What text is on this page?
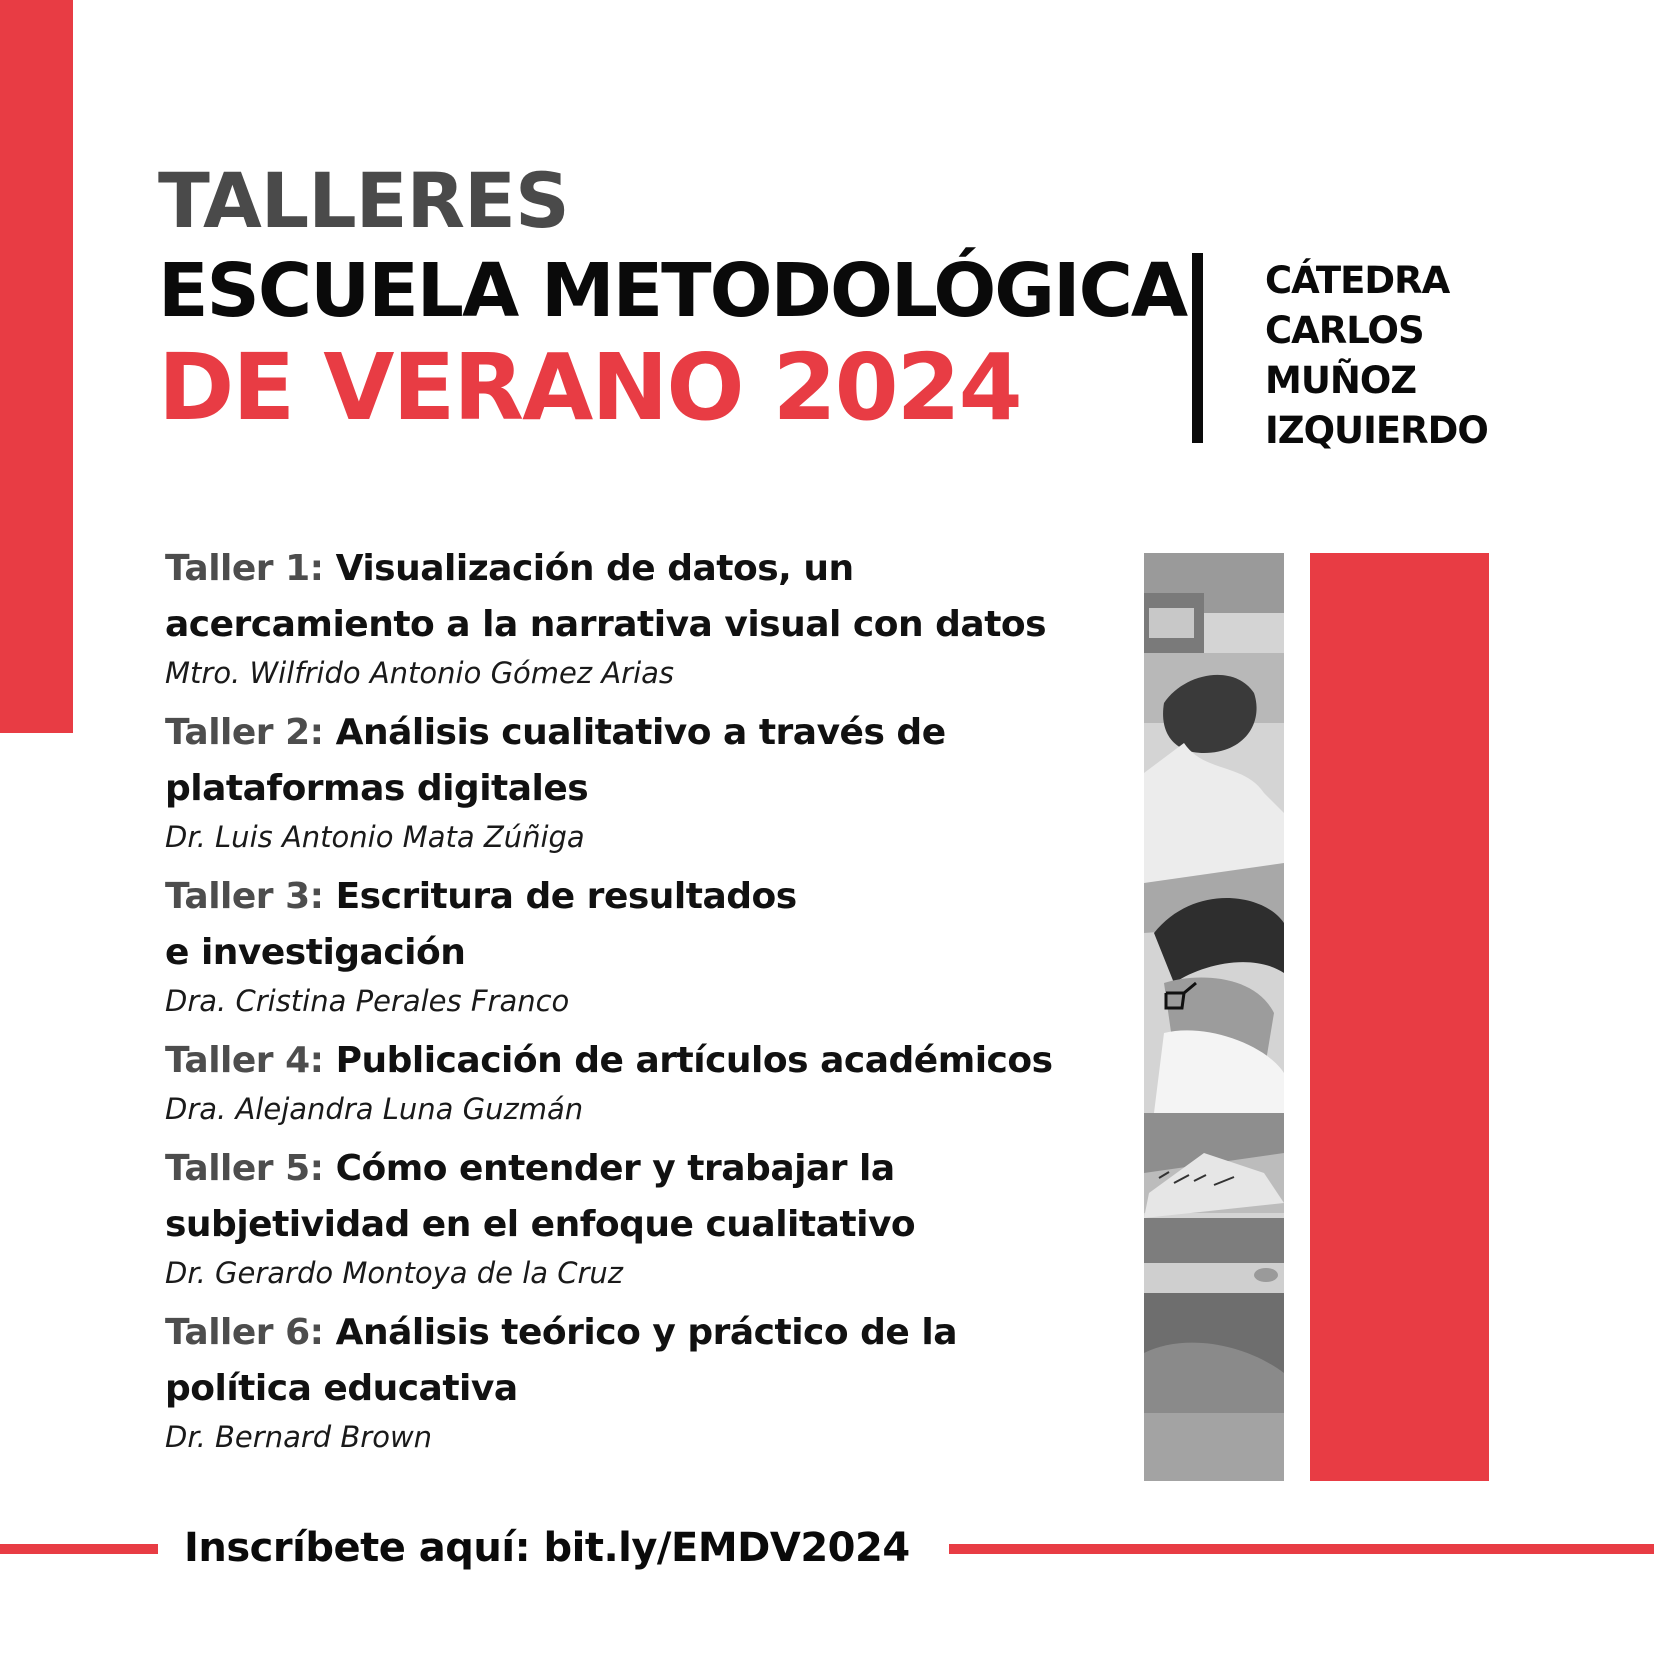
TALLERES
ESCUELA METODOLÓGICA
DE VERANO 2024
CÁTEDRA
CARLOS
MUÑOZ
IZQUIERDO
Taller 1: Visualización de datos, un
acercamiento a la narrativa visual con datos
Mtro. Wilfrido Antonio Gómez Arias
Taller 2: Análisis cualitativo a través de
plataformas digitales
Dr. Luis Antonio Mata Zúñiga
Taller 3: Escritura de resultados
e investigación
Dra. Cristina Perales Franco
Taller 4: Publicación de artículos académicos
Dra. Alejandra Luna Guzmán
Taller 5: Cómo entender y trabajar la
subjetividad en el enfoque cualitativo
Dr. Gerardo Montoya de la Cruz
Taller 6: Análisis teórico y práctico de la
política educativa
Dr. Bernard Brown
Inscríbete aquí: bit.ly/EMDV2024
